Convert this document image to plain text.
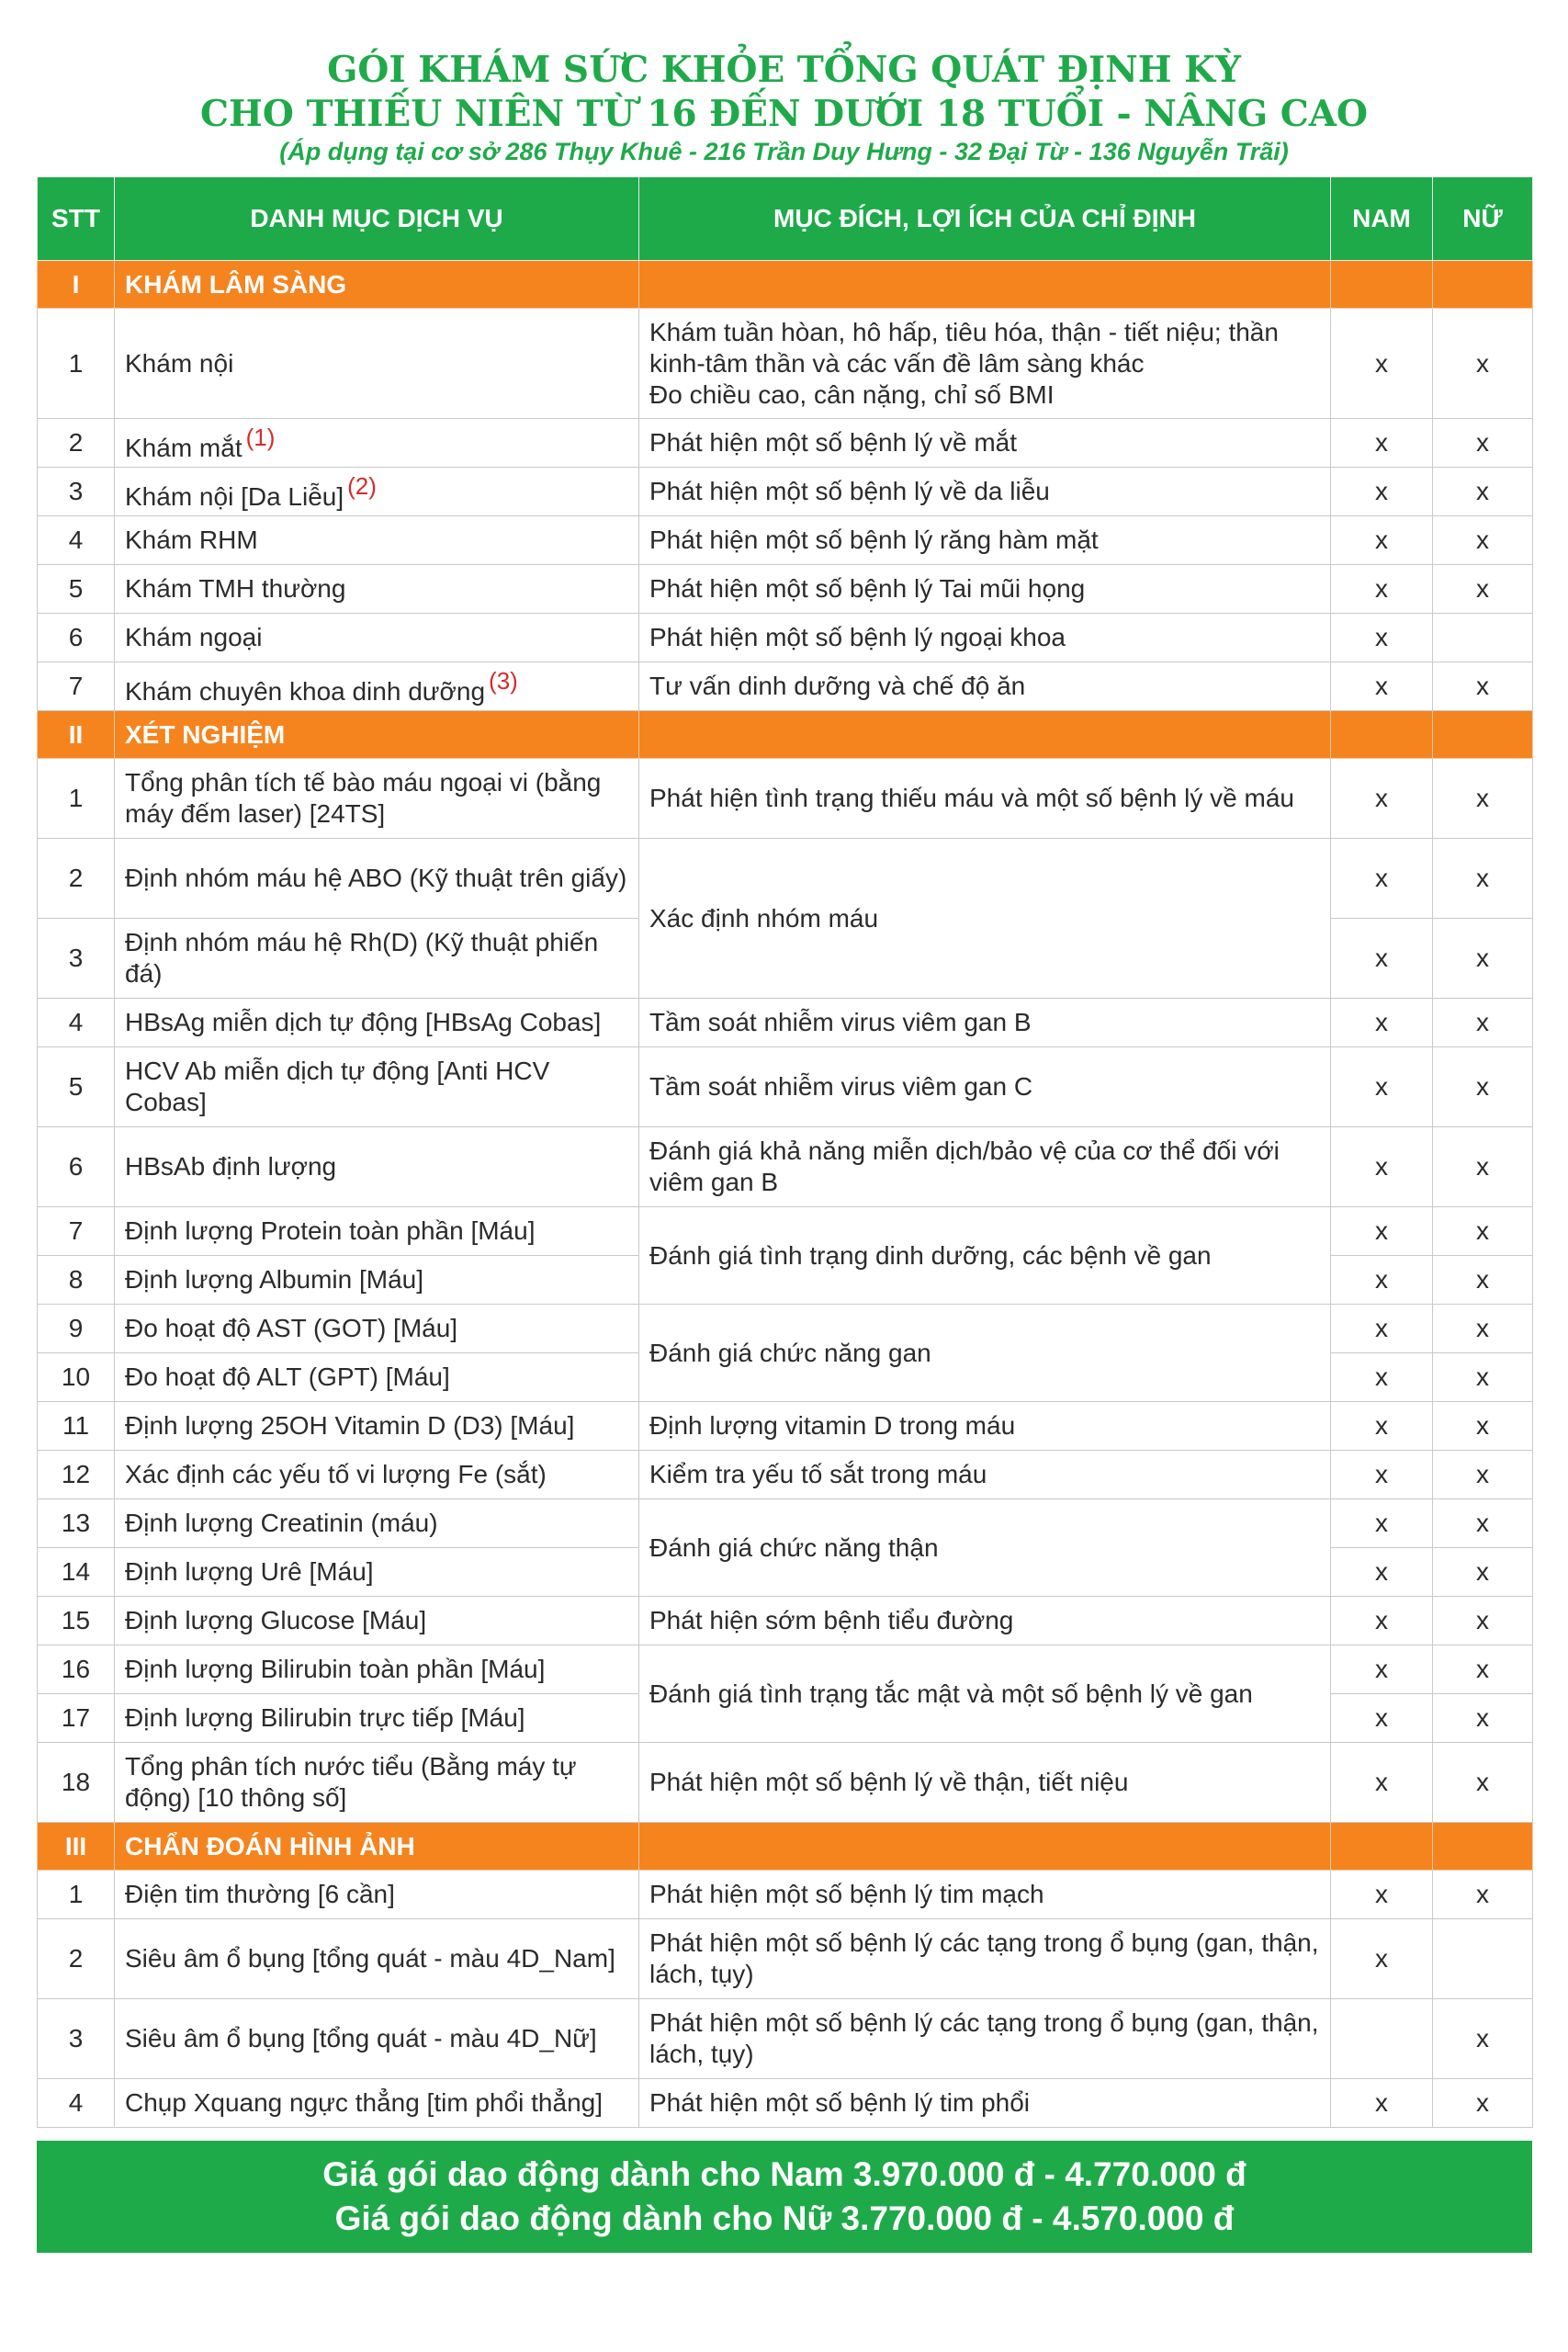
GÓI KHÁM SỨC KHỎE TỔNG QUÁT ĐỊNH KỲ
CHO THIẾU NIÊN TỪ 16 ĐẾN DƯỚI 18 TUỔI - NÂNG CAO
(Áp dụng tại cơ sở 286 Thụy Khuê - 216 Trần Duy Hưng - 32 Đại Từ - 136 Nguyễn Trãi)
STT	DANH MỤC DỊCH VỤ	MỤC ĐÍCH, LỢI ÍCH CỦA CHỈ ĐỊNH	NAM	NỮ
I	KHÁM LÂM SÀNG			
1	Khám nội	Khám tuần hòan, hô hấp, tiêu hóa, thận - tiết niệu; thần
kinh-tâm thần và các vấn đề lâm sàng khác
Đo chiều cao, cân nặng, chỉ số BMI	x	x
2	Khám mắt $^{(1)}$	Phát hiện một số bệnh lý về mắt	x	x
3	Khám nội [Da Liễu] $^{(2)}$	Phát hiện một số bệnh lý về da liễu	x	x
4	Khám RHM	Phát hiện một số bệnh lý răng hàm mặt	x	x
5	Khám TMH thường	Phát hiện một số bệnh lý Tai mũi họng	x	x
6	Khám ngoại	Phát hiện một số bệnh lý ngoại khoa	x	
7	Khám chuyên khoa dinh dưỡng $^{(3)}$	Tư vấn dinh dưỡng và chế độ ăn	x	x
II	XÉT NGHIỆM			
1	Tổng phân tích tế bào máu ngoại vi (bằng máy đếm laser) [24TS]	Phát hiện tình trạng thiếu máu và một số bệnh lý về máu	x	x
2	Định nhóm máu hệ ABO (Kỹ thuật trên giấy)	Xác định nhóm máu	x	x
3	Định nhóm máu hệ Rh(D) (Kỹ thuật phiến đá)		x	x
4	HBsAg miễn dịch tự động [HBsAg Cobas]	Tầm soát nhiễm virus viêm gan B	x	x
5	HCV Ab miễn dịch tự động [Anti HCV Cobas]	Tầm soát nhiễm virus viêm gan C	x	x
6	HBsAb định lượng	Đánh giá khả năng miễn dịch/bảo vệ của cơ thể đối với viêm gan B	x	x
7	Định lượng Protein toàn phần [Máu]	Đánh giá tình trạng dinh dưỡng, các bệnh về gan	x	x
8	Định lượng Albumin [Máu]		x	x
9	Đo hoạt độ AST (GOT) [Máu]	Đánh giá chức năng gan	x	x
10	Đo hoạt độ ALT (GPT) [Máu]		x	x
11	Định lượng 25OH Vitamin D (D3) [Máu]	Định lượng vitamin D trong máu	x	x
12	Xác định các yếu tố vi lượng Fe (sắt)	Kiểm tra yếu tố sắt trong máu	x	x
13	Định lượng Creatinin (máu)	Đánh giá chức năng thận	x	x
14	Định lượng Urê [Máu]		x	x
15	Định lượng Glucose [Máu]	Phát hiện sớm bệnh tiểu đường	x	x
16	Định lượng Bilirubin toàn phần [Máu]	Đánh giá tình trạng tắc mật và một số bệnh lý về gan	x	x
17	Định lượng Bilirubin trực tiếp [Máu]		x	x
18	Tổng phân tích nước tiểu (Bằng máy tự động) [10 thông số]	Phát hiện một số bệnh lý về thận, tiết niệu	x	x
III	CHẨN ĐOÁN HÌNH ẢNH			
1	Điện tim thường [6 cần]	Phát hiện một số bệnh lý tim mạch	x	x
2	Siêu âm ổ bụng [tổng quát - màu 4D_Nam]	Phát hiện một số bệnh lý các tạng trong ổ bụng (gan, thận, lách, tụy)	x	
3	Siêu âm ổ bụng [tổng quát - màu 4D_Nữ]	Phát hiện một số bệnh lý các tạng trong ổ bụng (gan, thận, lách, tụy)		x
4	Chụp Xquang ngực thẳng [tim phổi thẳng]	Phát hiện một số bệnh lý tim phổi	x	x
Giá gói dao động dành cho Nam 3.970.000 đ - 4.770.000 đ
Giá gói dao động dành cho Nữ 3.770.000 đ - 4.570.000 đ
